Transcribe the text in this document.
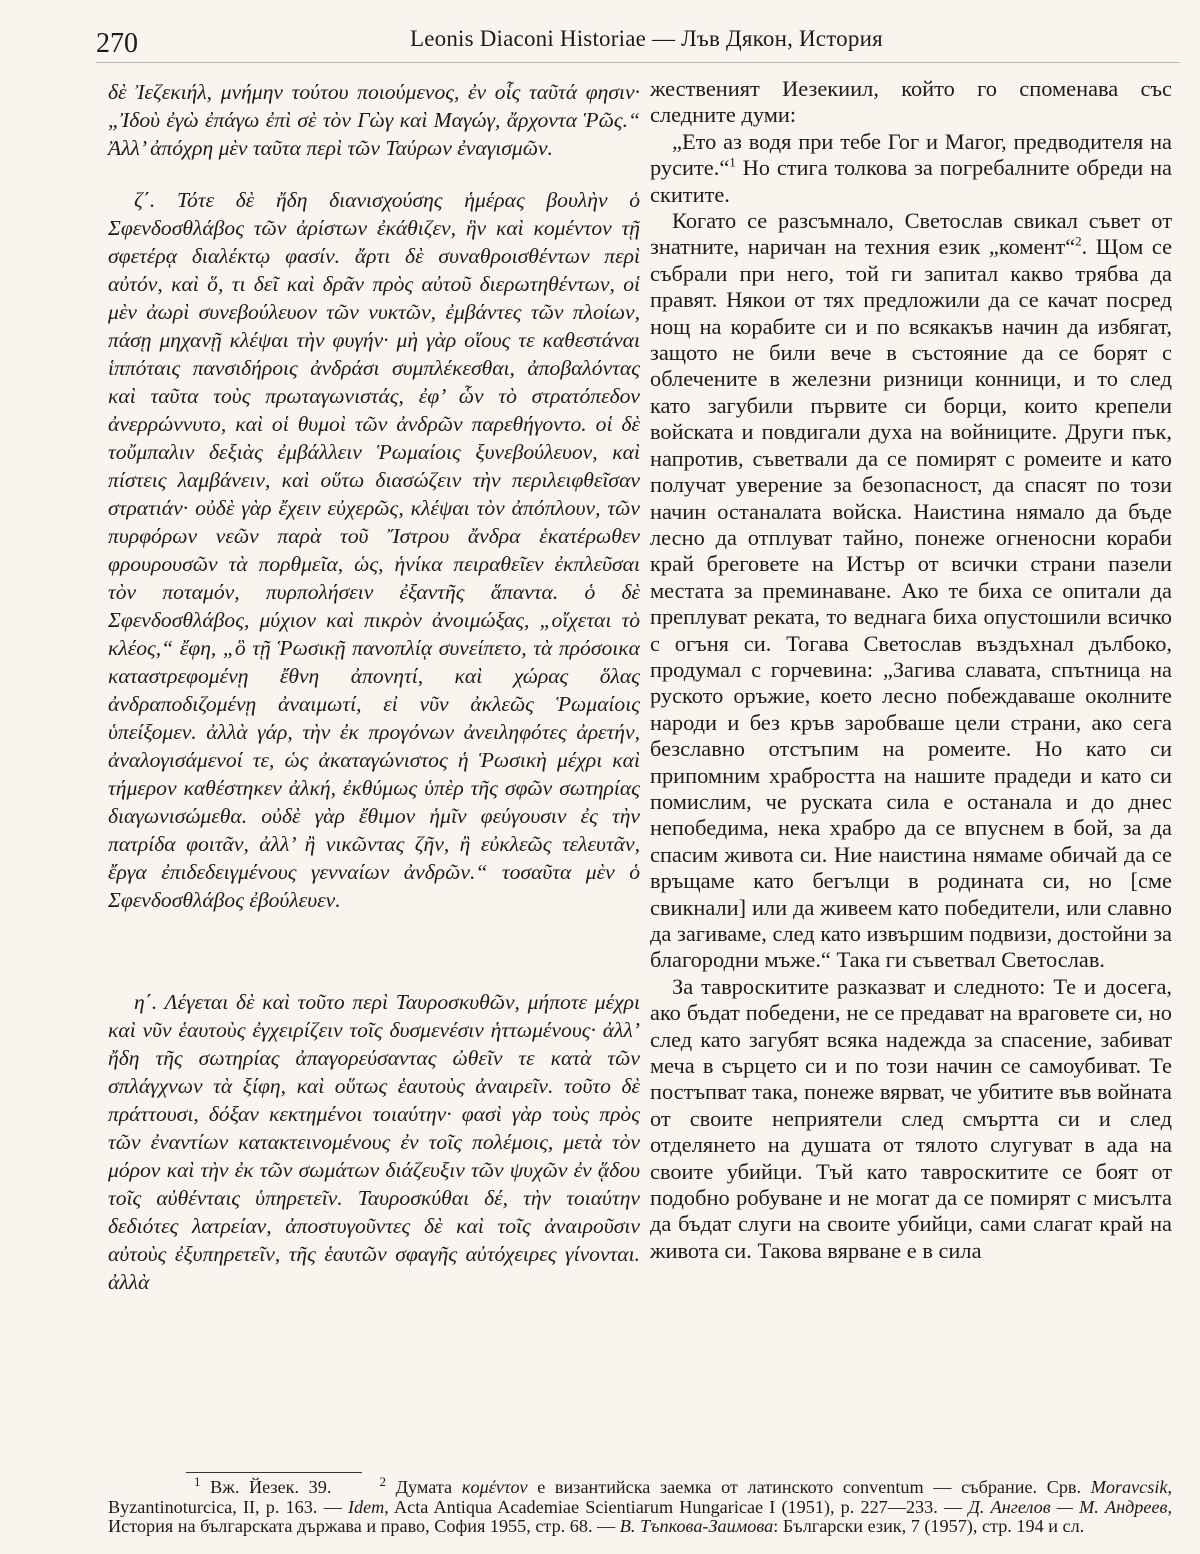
270	Leonis Diaconi Historiae — Лъв Дякон, История

δὲ Ἰεζεκιήλ, μνήμην τούτου ποιούμενος, ἐν οἷς ταῦτά φησιν· „Ἰδοὺ ἐγὼ ἐπάγω ἐπὶ σὲ τὸν Γὼγ καὶ Μαγώγ, ἄρχοντα Ῥῶς.“ Ἀλλ’ ἀπόχρη μὲν ταῦτα περὶ τῶν Ταύρων ἐναγισμῶν.

ζ΄. Τότε δὲ ἤδη διανισχούσης ἡμέρας βουλὴν ὁ Σφενδοσθλάβος τῶν ἀρίστων ἐκάθιζεν, ἣν καὶ κομέντον τῇ σφετέρᾳ διαλέκτῳ φασίν. ἄρτι δὲ συναθροισθέντων περὶ αὐτόν, καὶ ὅ, τι δεῖ καὶ δρᾶν πρὸς αὐτοῦ διερωτηθέντων, οἱ μὲν ἀωρὶ συνεβούλευον τῶν νυκτῶν, ἐμβάντες τῶν πλοίων, πάσῃ μηχανῇ κλέψαι τὴν φυγήν· μὴ γὰρ οἵους τε καθεστάναι ἱππόταις πανσιδήροις ἀνδράσι συμπλέκεσθαι, ἀποβαλόντας καὶ ταῦτα τοὺς πρωταγωνιστάς, ἐφ’ ὧν τὸ στρατόπεδον ἀνερρώννυτο, καὶ οἱ θυμοὶ τῶν ἀνδρῶν παρεθήγοντο. οἱ δὲ τοὔμπαλιν δεξιὰς ἐμβάλλειν Ῥωμαίοις ξυνεβούλευον, καὶ πίστεις λαμβάνειν, καὶ οὕτω διασώζειν τὴν περιλειφθεῖσαν στρατιάν· οὐδὲ γὰρ ἔχειν εὐχερῶς, κλέψαι τὸν ἀπόπλουν, τῶν πυρφόρων νεῶν παρὰ τοῦ Ἴστρου ἄνδρα ἑκατέρωθεν φρουρουσῶν τὰ πορθμεῖα, ὡς, ἡνίκα πειραθεῖεν ἐκπλεῦσαι τὸν ποταμόν, πυρπολήσειν ἐξαντῆς ἅπαντα. ὁ δὲ Σφενδοσθλάβος, μύχιον καὶ πικρὸν ἀνοιμώξας, „οἴχεται τὸ κλέος,“ ἔφη, „ὃ τῇ Ῥωσικῇ πανοπλίᾳ συνείπετο, τὰ πρόσοικα καταστρεφομένῃ ἔθνη ἀπονητί, καὶ χώρας ὅλας ἀνδραποδιζομένῃ ἀναιμωτί, εἰ νῦν ἀκλεῶς Ῥωμαίοις ὑπείξομεν. ἀλλὰ γάρ, τὴν ἐκ προγόνων ἀνειληφότες ἀρετήν, ἀναλογισάμενοί τε, ὡς ἀκαταγώνιστος ἡ Ῥωσικὴ μέχρι καὶ τήμερον καθέστηκεν ἀλκή, ἐκθύμως ὑπὲρ τῆς σφῶν σωτηρίας διαγωνισώμεθα. οὐδὲ γὰρ ἔθιμον ἡμῖν φεύγουσιν ἐς τὴν πατρίδα φοιτᾶν, ἀλλ’ ἢ νικῶντας ζῆν, ἢ εὐκλεῶς τελευτᾶν, ἔργα ἐπιδεδειγμένους γενναίων ἀνδρῶν.“ τοσαῦτα μὲν ὁ Σφενδοσθλάβος ἐβούλευεν.

η΄. Λέγεται δὲ καὶ τοῦτο περὶ Ταυροσκυθῶν, μήποτε μέχρι καὶ νῦν ἑαυτοὺς ἐγχειρίζειν τοῖς δυσμενέσιν ἡττωμένους· ἀλλ’ ἤδη τῆς σωτηρίας ἀπαγορεύσαντας ὠθεῖν τε κατὰ τῶν σπλάγχνων τὰ ξίφη, καὶ οὕτως ἑαυτοὺς ἀναιρεῖν. τοῦτο δὲ πράττουσι, δόξαν κεκτημένοι τοιαύτην· φασὶ γὰρ τοὺς πρὸς τῶν ἐναντίων κατακτεινομένους ἐν τοῖς πολέμοις, μετὰ τὸν μόρον καὶ τὴν ἐκ τῶν σωμάτων διάζευξιν τῶν ψυχῶν ἐν ᾅδου τοῖς αὐθένταις ὑπηρετεῖν. Ταυροσκύθαι δέ, τὴν τοιαύτην δεδιότες λατρείαν, ἀποστυγοῦντες δὲ καὶ τοῖς ἀναιροῦσιν αὐτοὺς ἐξυπηρετεῖν, τῆς ἑαυτῶν σφαγῆς αὐτόχειρες γίνονται. ἀλλὰ

жественият Иезекиил, който го споменава със следните думи:

„Ето аз водя при тебе Гог и Магог, предводителя на русите.“$^1$ Но стига толкова за погребалните обреди на скитите.

Когато се разсъмнало, Светослав свикал съвет от знатните, наричан на техния език „комент“$^2$. Щом се събрали при него, той ги запитал какво трябва да правят. Някои от тях предложили да се качат посред нощ на корабите си и по всякакъв начин да избягат, защото не били вече в състояние да се борят с облечените в железни ризници конници, и то след като загубили първите си борци, които крепели войската и повдигали духа на войниците. Други пък, напротив, съветвали да се помирят с ромеите и като получат уверение за безопасност, да спасят по този начин останалата войска. Наистина нямало да бъде лесно да отплуват тайно, понеже огненосни кораби край бреговете на Истър от всички страни пазели местата за преминаване. Ако те биха се опитали да преплуват реката, то веднага биха опустошили всичко с огъня си. Тогава Светослав въздъхнал дълбоко, продумал с горчевина: „Загива славата, спътница на руското оръжие, което лесно побеждаваше околните народи и без кръв заробваше цели страни, ако сега безславно отстъпим на ромеите. Но като си припомним храбростта на нашите прадеди и като си помислим, че руската сила е останала и до днес непобедима, нека храбро да се впуснем в бой, за да спасим живота си. Ние наистина нямаме обичай да се връщаме като бегълци в родината си, но [сме свикнали] или да живеем като победители, или славно да загиваме, след като извършим подвизи, достойни за благородни мъже.“ Така ги съветвал Светослав.

За тавроскитите разказват и следното: Те и досега, ако бъдат победени, не се предават на враговете си, но след като загубят всяка надежда за спасение, забиват меча в сърцето си и по този начин се самоубиват. Те постъпват така, понеже вярват, че убитите във войната от своите неприятели след смъртта си и след отделянето на душата от тялото слугуват в ада на своите убийци. Тъй като тавроскитите се боят от подобно робуване и не могат да се помирят с мисълта да бъдат слуги на своите убийци, сами слагат край на живота си. Такова вярване е в сила

$^1$ Вж. Йезек. 39.	$^2$ Думата κομέντον е византийска заемка от латинското conventum — събрание. Срв. Moravcsik, Byzantinoturcica, II, p. 163. — Idem, Acta Antiqua Academiae Scientiarum Hungaricae I (1951), p. 227—233. — Д. Ангелов — М. Андреев, История на българската държава и право, София 1955, стр. 68. — В. Тъпкова-Заимова: Български език, 7 (1957), стр. 194 и сл.
